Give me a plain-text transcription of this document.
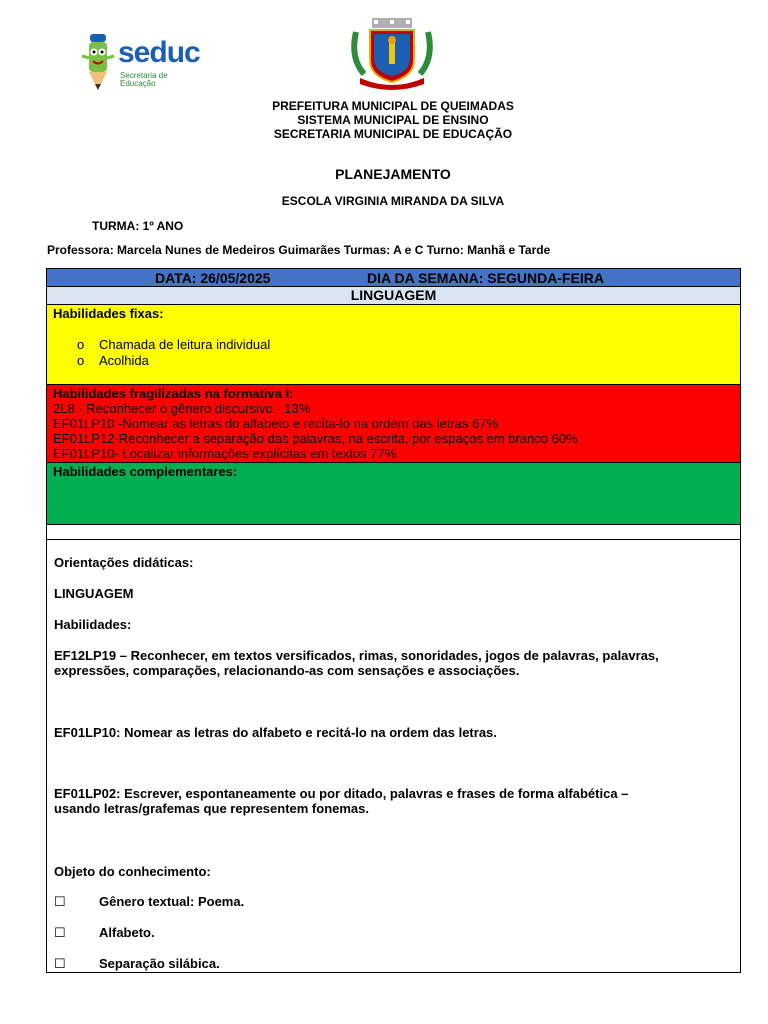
seduc
Secretaria de
Educação
PREFEITURA MUNICIPAL DE QUEIMADAS
SISTEMA MUNICIPAL DE ENSINO
SECRETARIA MUNICIPAL DE EDUCAÇÃO
PLANEJAMENTO
ESCOLA VIRGINIA MIRANDA DA SILVA
TURMA: 1º ANO
Professora: Marcela Nunes de Medeiros Guimarães Turmas: A e C Turno: Manhã e Tarde
DATA: 26/05/2025	DIA DA SEMANA: SEGUNDA-FEIRA
LINGUAGEM
Habilidades fixas:
o Chamada de leitura individual
o Acolhida
Habilidades fragilizadas na formativa I:
2L8 - Reconhecer o gênero discursivo - 13%
EF01LP10 -Nomear as letras do alfabeto e recita-lo na ordem das letras 67%
EF01LP12-Reconhecer a separação das palavras, na escrita, por espaços em branco 60%
EF01LP10- Localizar informações explícitas em textos 77%
Habilidades complementares:
Orientações didáticas:
LINGUAGEM
Habilidades:
EF12LP19 – Reconhecer, em textos versificados, rimas, sonoridades, jogos de palavras, palavras,
expressões, comparações, relacionando-as com sensações e associações.
EF01LP10: Nomear as letras do alfabeto e recitá-lo na ordem das letras.
EF01LP02: Escrever, espontaneamente ou por ditado, palavras e frases de forma alfabética –
usando letras/grafemas que representem fonemas.
Objeto do conhecimento:
☐	Gênero textual: Poema.
☐	Alfabeto.
☐	Separação silábica.
